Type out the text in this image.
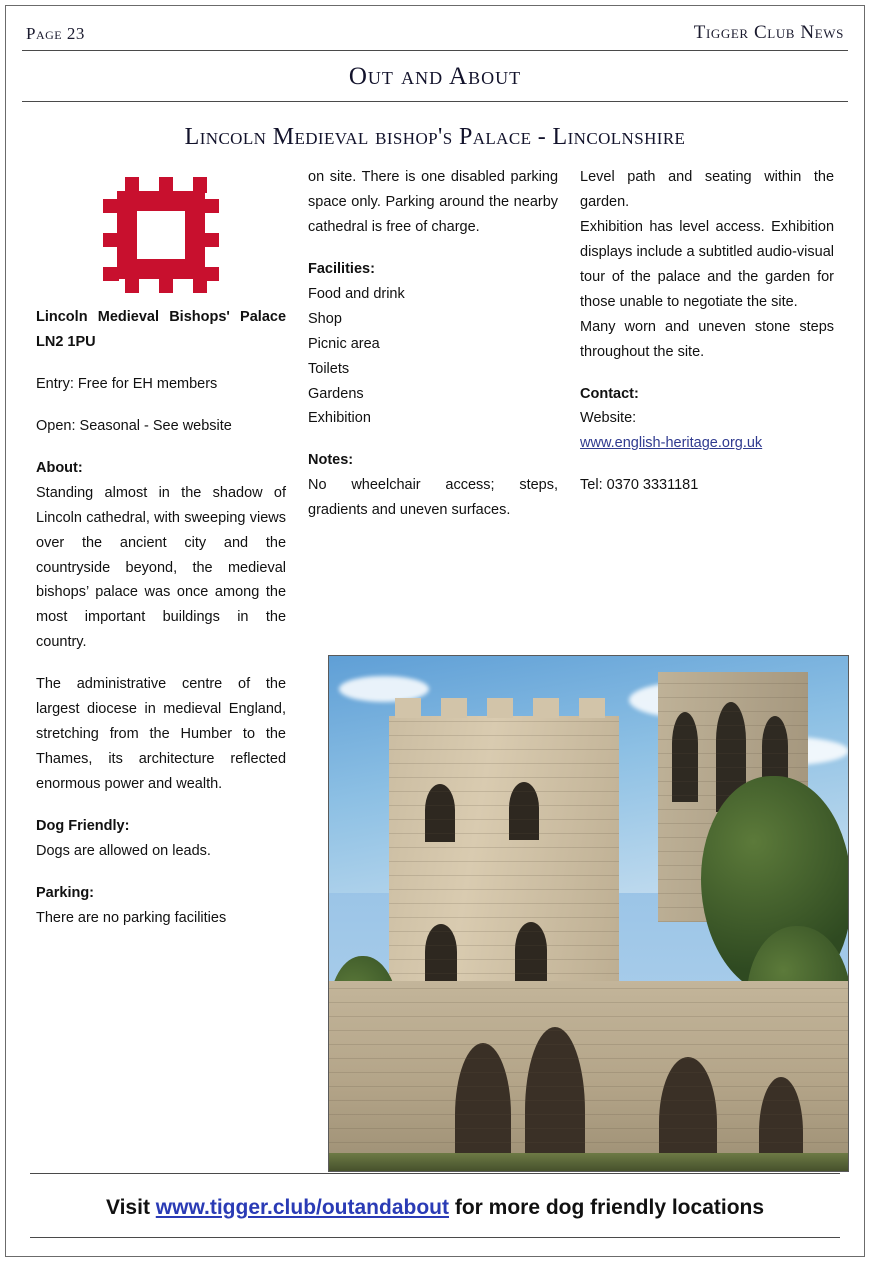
Page 23	Tigger Club News
Out and About
Lincoln Medieval bishop's Palace - Lincolnshire

Lincoln Medieval Bishops' Palace LN2 1PU

Entry: Free for EH members

Open: Seasonal - See website

About:

Standing almost in the shadow of Lincoln cathedral, with sweeping views over the ancient city and the countryside beyond, the medieval bishops’ palace was once among the most important buildings in the country.

The administrative centre of the largest diocese in medieval England, stretching from the Humber to the Thames, its architecture reflected enormous power and wealth.

Dog Friendly:

Dogs are allowed on leads.

Parking:

There are no parking facilities

on site. There is one disabled parking space only. Parking around the nearby cathedral is free of charge.

Facilities:

Food and drink

Shop

Picnic area

Toilets

Gardens

Exhibition

Notes:

No wheelchair access; steps, gradients and uneven surfaces.

Level path and seating within the garden.

Exhibition has level access. Exhibition displays include a subtitled audio-visual tour of the palace and the garden for those unable to negotiate the site.

Many worn and uneven stone steps throughout the site.

Contact:

Website:

www.english-heritage.org.uk

Tel: 0370 3331181

Visit www.tigger.club/outandabout for more dog friendly locations
